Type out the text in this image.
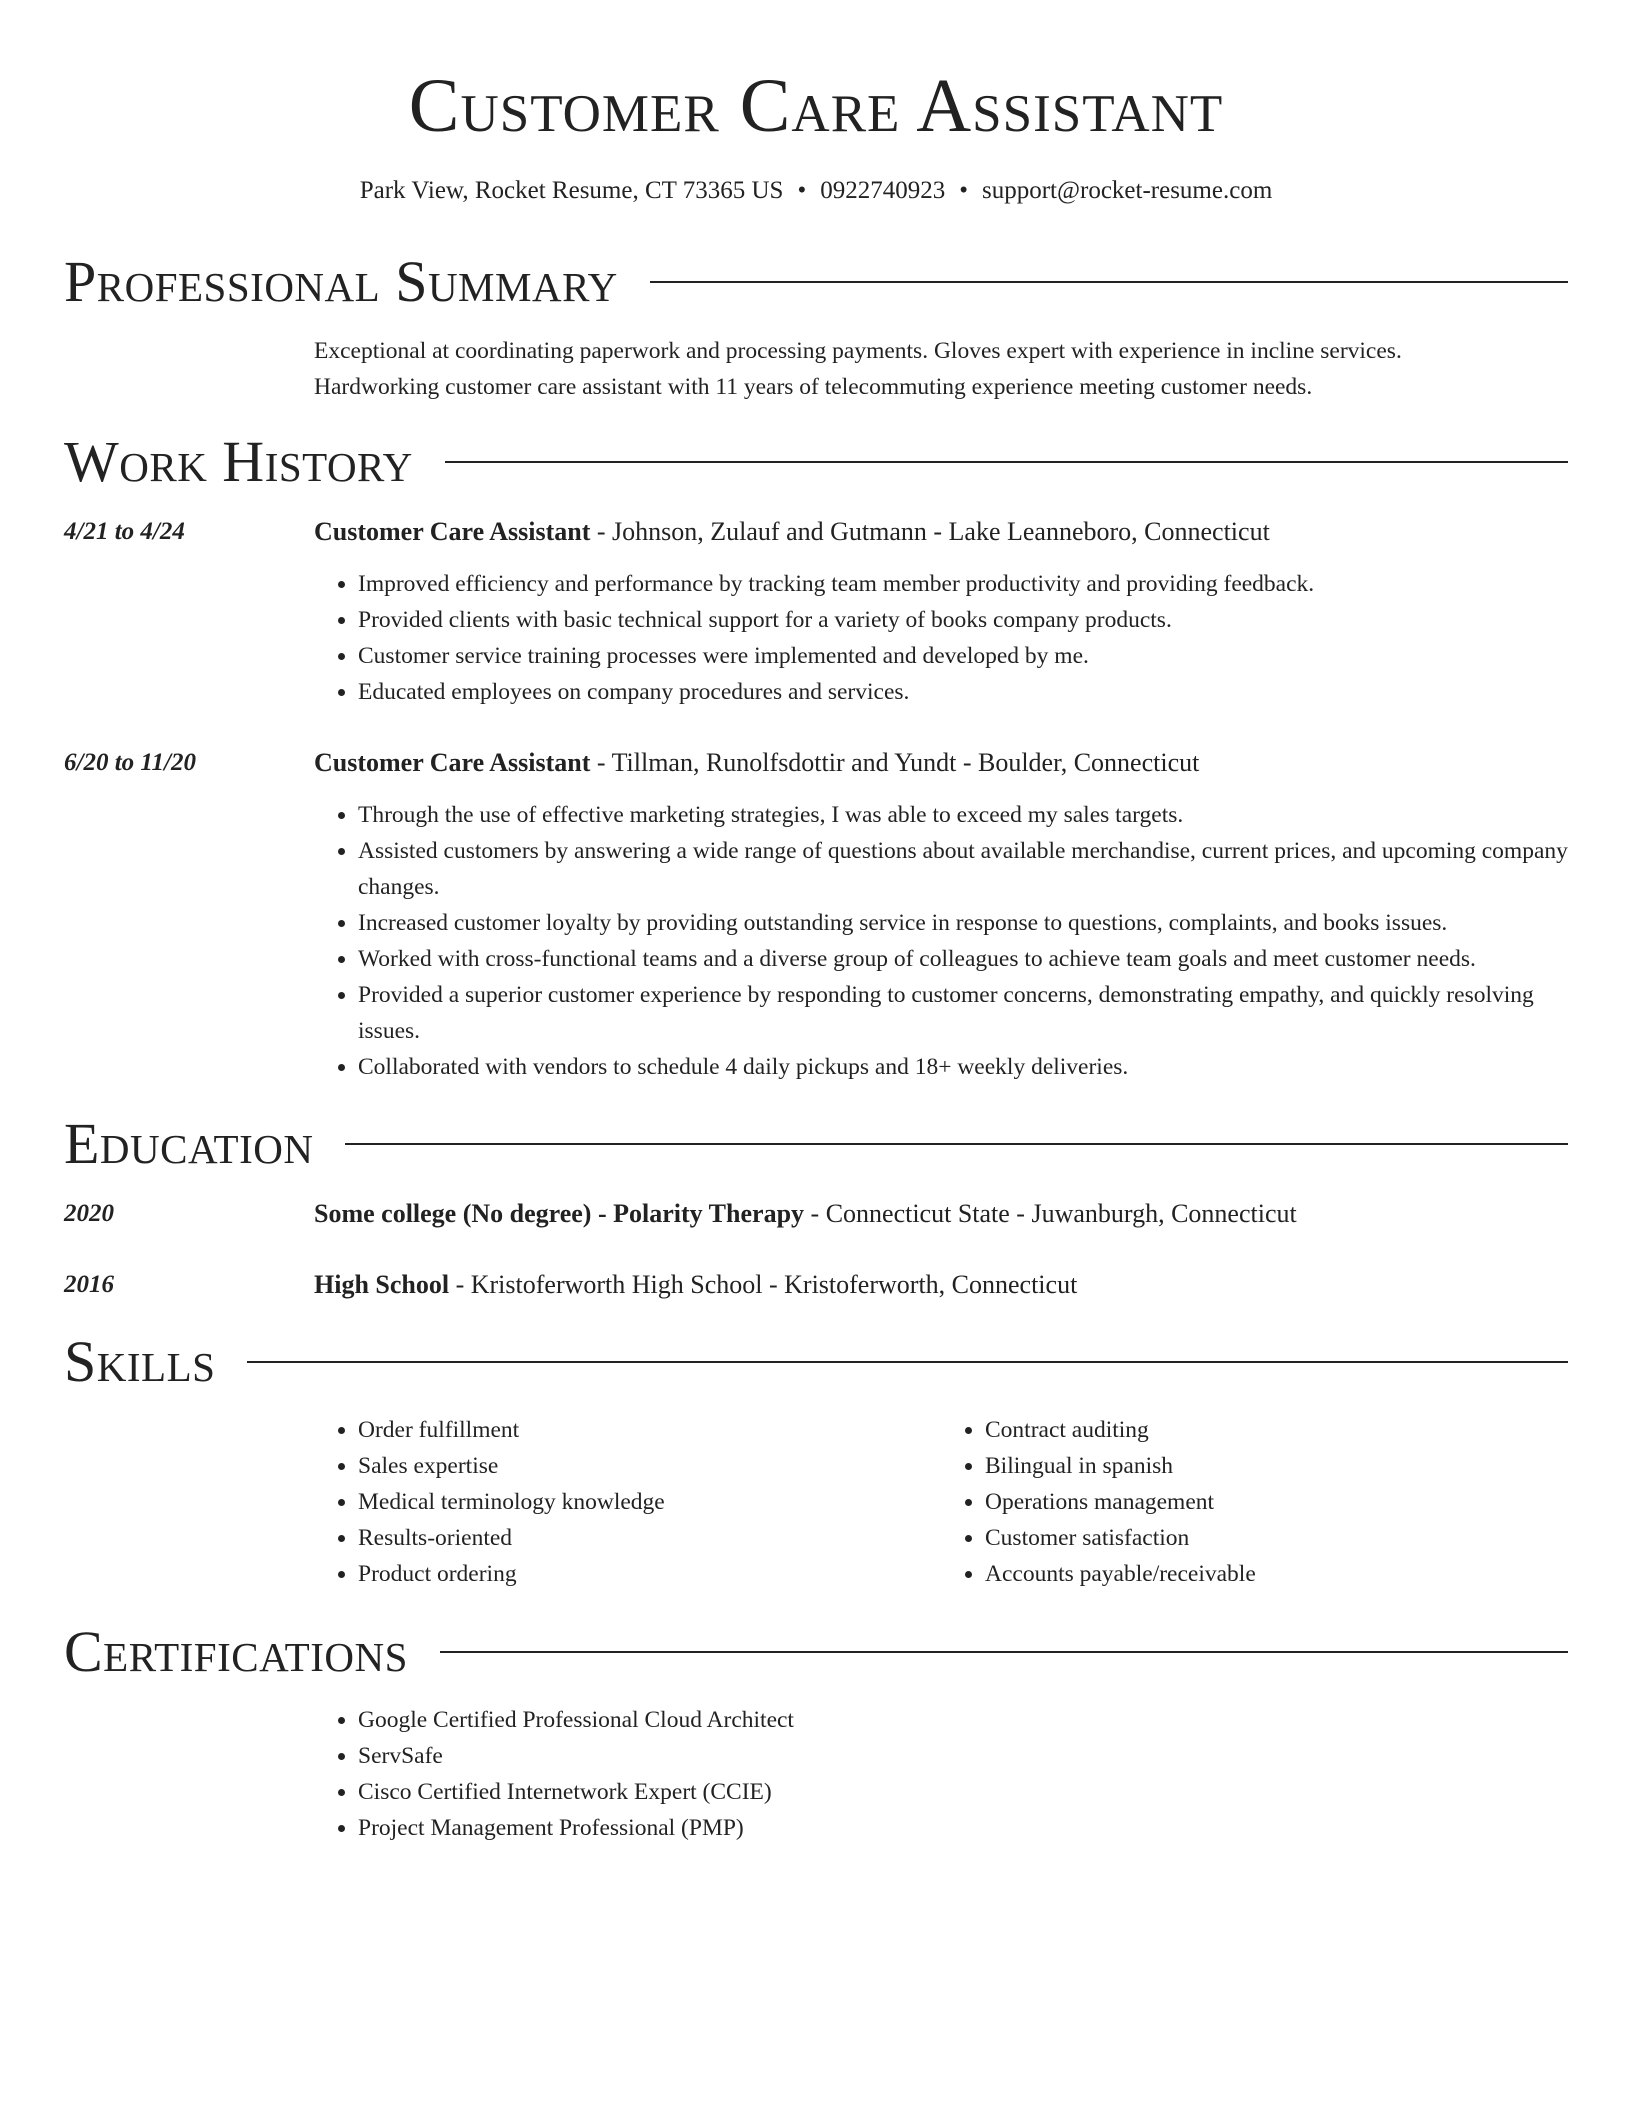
Customer Care Assistant
Park View, Rocket Resume, CT 73365 US • 0922740923 • support@rocket-resume.com
Professional Summary
Exceptional at coordinating paperwork and processing payments. Gloves expert with experience in incline services.
Hardworking customer care assistant with 11 years of telecommuting experience meeting customer needs.
Work History
4/21 to 4/24	Customer Care Assistant - Johnson, Zulauf and Gutmann - Lake Leanneboro, Connecticut
• Improved efficiency and performance by tracking team member productivity and providing feedback.
• Provided clients with basic technical support for a variety of books company products.
• Customer service training processes were implemented and developed by me.
• Educated employees on company procedures and services.
6/20 to 11/20	Customer Care Assistant - Tillman, Runolfsdottir and Yundt - Boulder, Connecticut
• Through the use of effective marketing strategies, I was able to exceed my sales targets.
• Assisted customers by answering a wide range of questions about available merchandise, current prices, and upcoming company changes.
• Increased customer loyalty by providing outstanding service in response to questions, complaints, and books issues.
• Worked with cross-functional teams and a diverse group of colleagues to achieve team goals and meet customer needs.
• Provided a superior customer experience by responding to customer concerns, demonstrating empathy, and quickly resolving issues.
• Collaborated with vendors to schedule 4 daily pickups and 18+ weekly deliveries.
Education
2020	Some college (No degree) - Polarity Therapy - Connecticut State - Juwanburgh, Connecticut
2016	High School - Kristoferworth High School - Kristoferworth, Connecticut
Skills
• Order fulfillment
• Sales expertise
• Medical terminology knowledge
• Results-oriented
• Product ordering
• Contract auditing
• Bilingual in spanish
• Operations management
• Customer satisfaction
• Accounts payable/receivable
Certifications
• Google Certified Professional Cloud Architect
• ServSafe
• Cisco Certified Internetwork Expert (CCIE)
• Project Management Professional (PMP)
